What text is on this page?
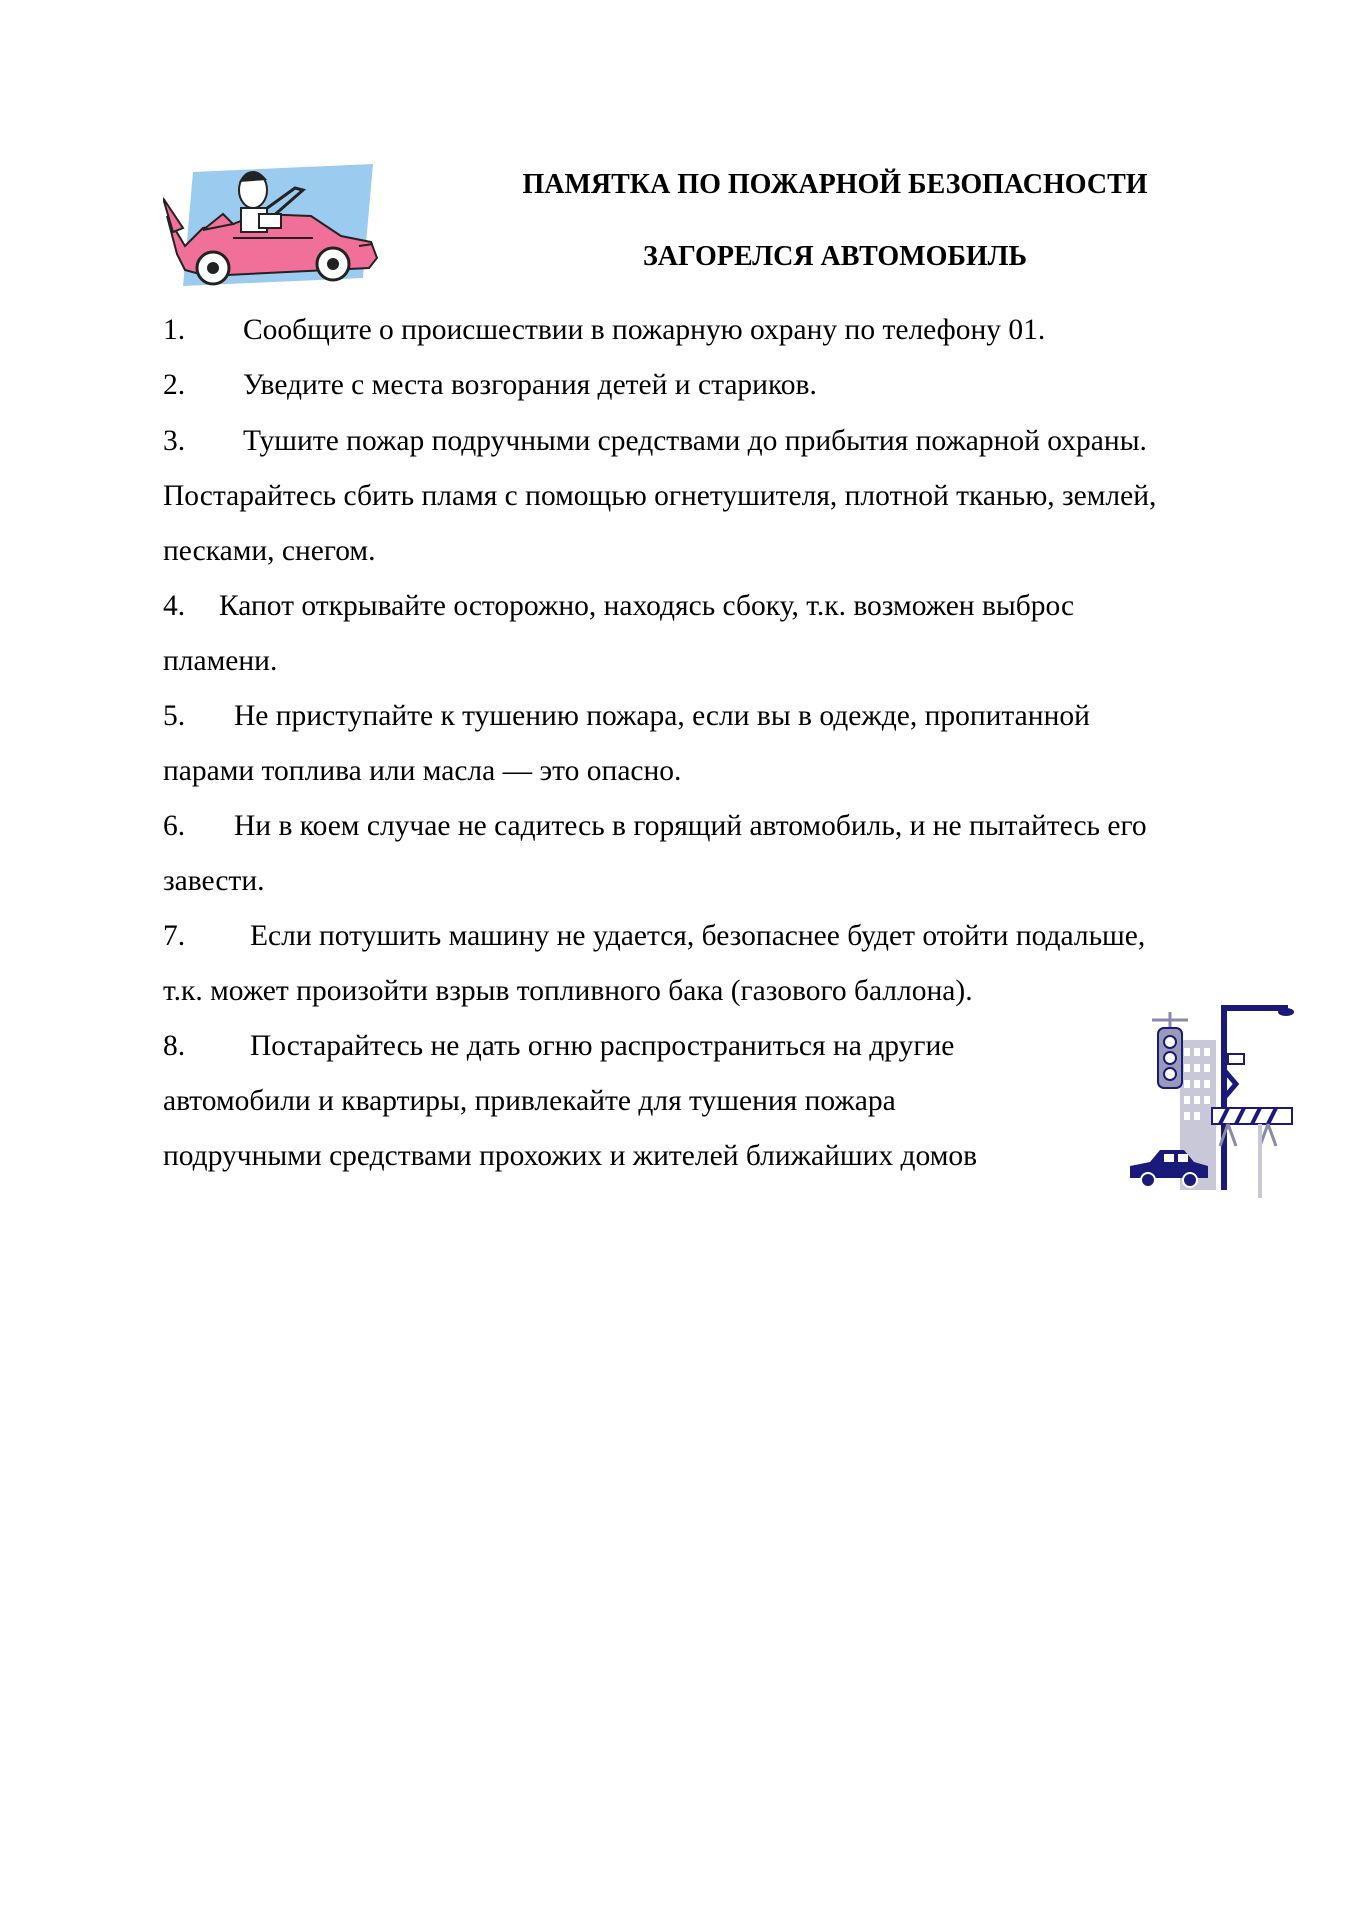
ПАМЯТКА ПО ПОЖАРНОЙ БЕЗОПАСНОСТИ
ЗАГОРЕЛСЯ АВТОМОБИЛЬ
1. Сообщите о происшествии в пожарную охрану по телефону 01.
2. Уведите с места возгорания детей и стариков.
3. Тушите пожар подручными средствами до прибытия пожарной охраны.
Постарайтесь сбить пламя с помощью огнетушителя, плотной тканью, землей,
песками, снегом.
4. Капот открывайте осторожно, находясь сбоку, т.к. возможен выброс
пламени.
5. Не приступайте к тушению пожара, если вы в одежде, пропитанной
парами топлива или масла — это опасно.
6. Ни в коем случае не садитесь в горящий автомобиль, и не пытайтесь его
завести.
7. Если потушить машину не удается, безопаснее будет отойти подальше,
т.к. может произойти взрыв топливного бака (газового баллона).
8. Постарайтесь не дать огню распространиться на другие
автомобили и квартиры, привлекайте для тушения пожара
подручными средствами прохожих и жителей ближайших домов
